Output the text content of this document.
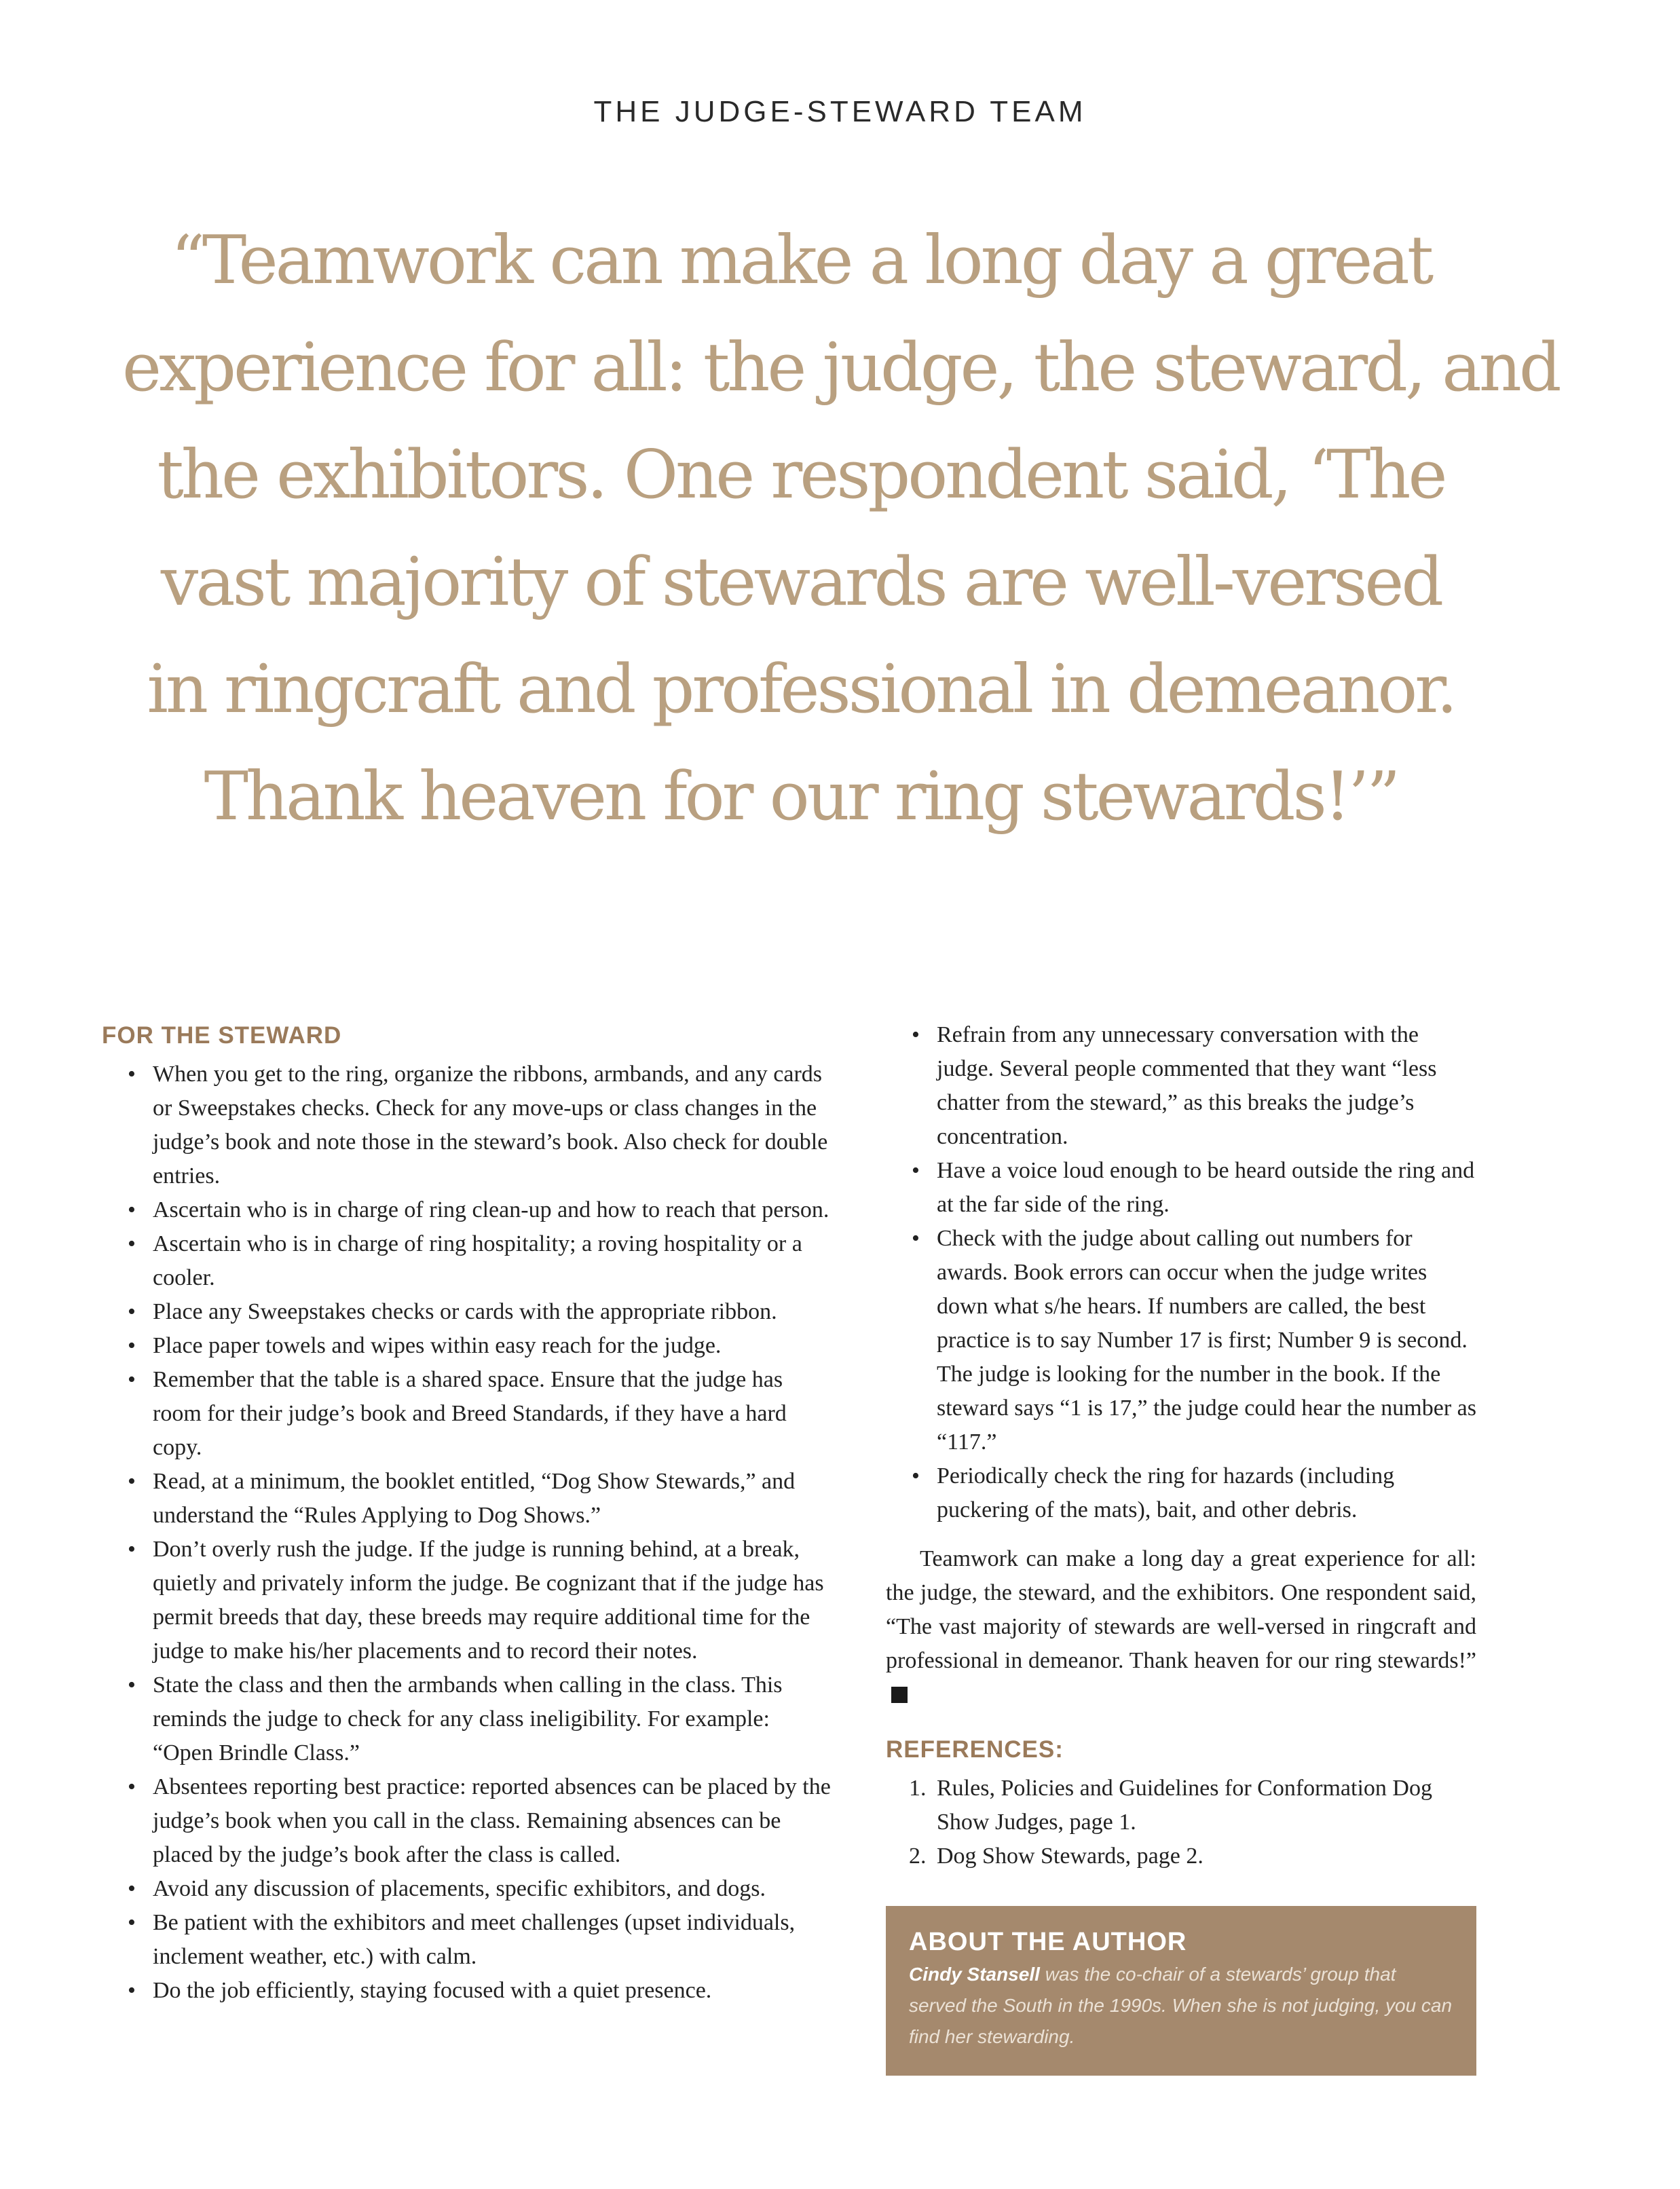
THE JUDGE-STEWARD TEAM
“Teamwork can make a long day a great
experience for all: the judge, the steward, and
the exhibitors. One respondent said, ‘The
vast majority of stewards are well-versed
in ringcraft and professional in demeanor.
Thank heaven for our ring stewards!’”
FOR THE STEWARD
• When you get to the ring, organize the ribbons, armbands, and any cards or Sweepstakes checks. Check for any move-ups or class changes in the judge’s book and note those in the steward’s book. Also check for double entries.
• Ascertain who is in charge of ring clean-up and how to reach that person.
• Ascertain who is in charge of ring hospitality; a roving hospitality or a cooler.
• Place any Sweepstakes checks or cards with the appropriate ribbon.
• Place paper towels and wipes within easy reach for the judge.
• Remember that the table is a shared space. Ensure that the judge has room for their judge’s book and Breed Standards, if they have a hard copy.
• Read, at a minimum, the booklet entitled, “Dog Show Stewards,” and understand the “Rules Applying to Dog Shows.”
• Don’t overly rush the judge. If the judge is running behind, at a break, quietly and privately inform the judge. Be cognizant that if the judge has permit breeds that day, these breeds may require additional time for the judge to make his/her placements and to record their notes.
• State the class and then the armbands when calling in the class. This reminds the judge to check for any class ineligibility. For example: “Open Brindle Class.”
• Absentees reporting best practice: reported absences can be placed by the judge’s book when you call in the class. Remaining absences can be placed by the judge’s book after the class is called.
• Avoid any discussion of placements, specific exhibitors, and dogs.
• Be patient with the exhibitors and meet challenges (upset individuals, inclement weather, etc.) with calm.
• Do the job efficiently, staying focused with a quiet presence.
• Refrain from any unnecessary conversation with the judge. Several people commented that they want “less chatter from the steward,” as this breaks the judge’s concentration.
• Have a voice loud enough to be heard outside the ring and at the far side of the ring.
• Check with the judge about calling out numbers for awards. Book errors can occur when the judge writes down what s/he hears. If numbers are called, the best practice is to say Number 17 is first; Number 9 is second. The judge is looking for the number in the book. If the steward says “1 is 17,” the judge could hear the number as “117.”
• Periodically check the ring for hazards (including puckering of the mats), bait, and other debris.

Teamwork can make a long day a great experience for all: the judge, the steward, and the exhibitors. One respondent said, “The vast majority of stewards are well-versed in ringcraft and professional in demeanor. Thank heaven for our ring stewards!”

REFERENCES:
1. Rules, Policies and Guidelines for Conformation Dog Show Judges, page 1.
2. Dog Show Stewards, page 2.
ABOUT THE AUTHOR
Cindy Stansell was the co-chair of a stewards’ group that served the South in the 1990s. When she is not judging, you can find her stewarding.
